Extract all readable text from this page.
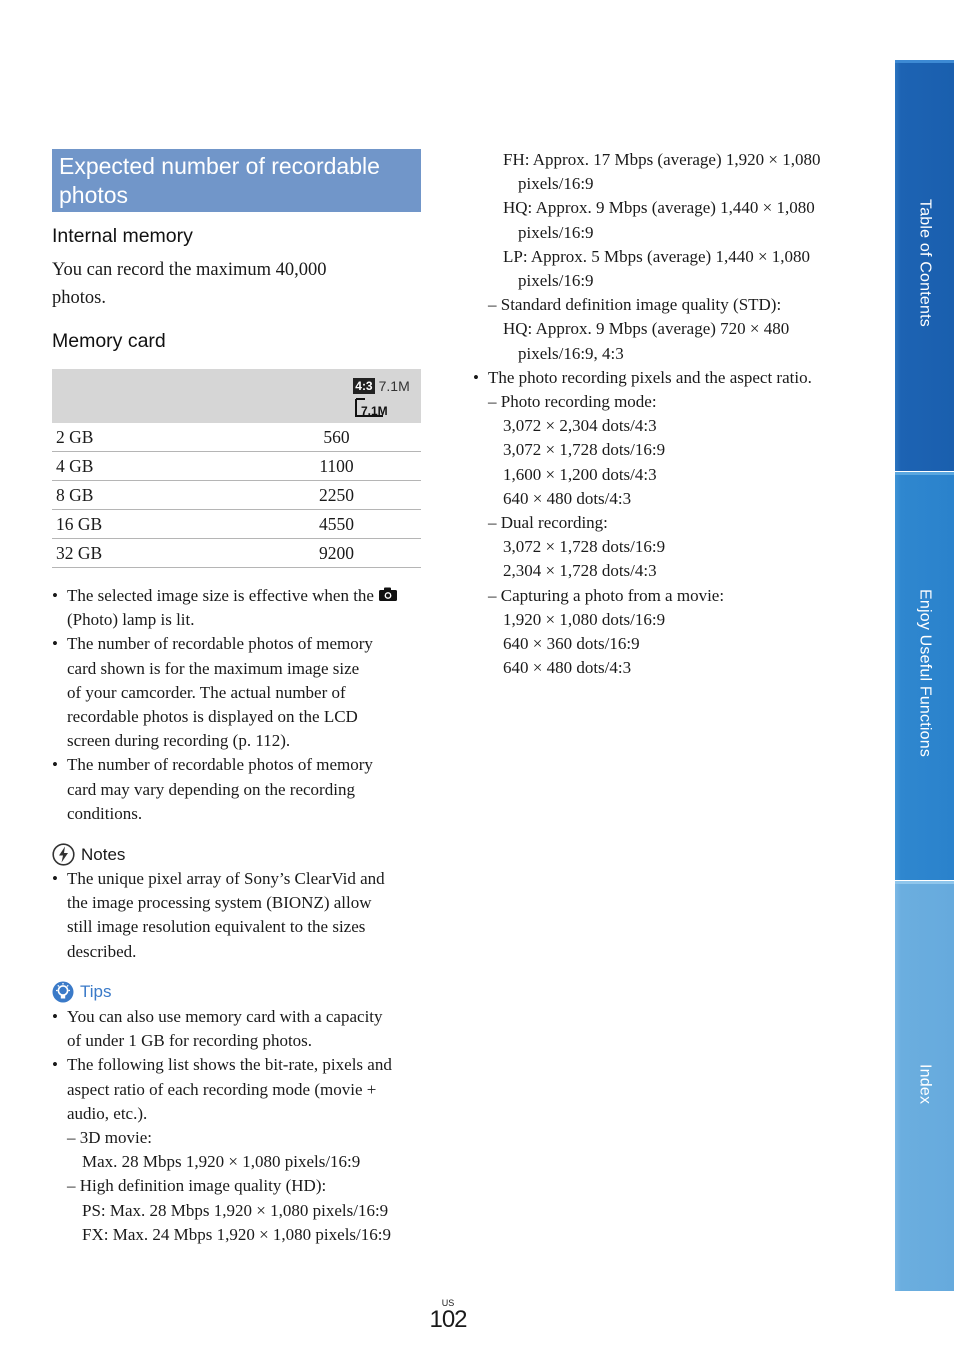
Table of Contents
Enjoy Useful Functions
Index
Expected number of recordable photos
Internal memory
You can record the maximum 40,000 photos.
Memory card

	4:3 7.1M
7.1M

2 GB	560
4 GB	1100
8 GB	2250
16 GB	4550
32 GB	9200
• The selected image size is effective when the
(Photo) lamp is lit.
• The number of recordable photos of memory
card shown is for the maximum image size
of your camcorder. The actual number of
recordable photos is displayed on the LCD
screen during recording (p. 112).
• The number of recordable photos of memory
card may vary depending on the recording
conditions.
Notes
• The unique pixel array of Sony’s ClearVid and
the image processing system (BIONZ) allow
still image resolution equivalent to the sizes
described.
Tips
• You can also use memory card with a capacity
of under 1 GB for recording photos.
• The following list shows the bit-rate, pixels and
aspect ratio of each recording mode (movie +
audio, etc.).
– 3D movie:
Max. 28 Mbps 1,920 × 1,080 pixels/16:9
– High definition image quality (HD):
PS: Max. 28 Mbps 1,920 × 1,080 pixels/16:9
FX: Max. 24 Mbps 1,920 × 1,080 pixels/16:9
FH: Approx. 17 Mbps (average) 1,920 × 1,080
pixels/16:9
HQ: Approx. 9 Mbps (average) 1,440 × 1,080
pixels/16:9
LP: Approx. 5 Mbps (average) 1,440 × 1,080
pixels/16:9
– Standard definition image quality (STD):
HQ: Approx. 9 Mbps (average) 720 × 480
pixels/16:9, 4:3
• The photo recording pixels and the aspect ratio.
– Photo recording mode:
3,072 × 2,304 dots/4:3
3,072 × 1,728 dots/16:9
1,600 × 1,200 dots/4:3
640 × 480 dots/4:3
– Dual recording:
3,072 × 1,728 dots/16:9
2,304 × 1,728 dots/4:3
– Capturing a photo from a movie:
1,920 × 1,080 dots/16:9
640 × 360 dots/16:9
640 × 480 dots/4:3
US
102
